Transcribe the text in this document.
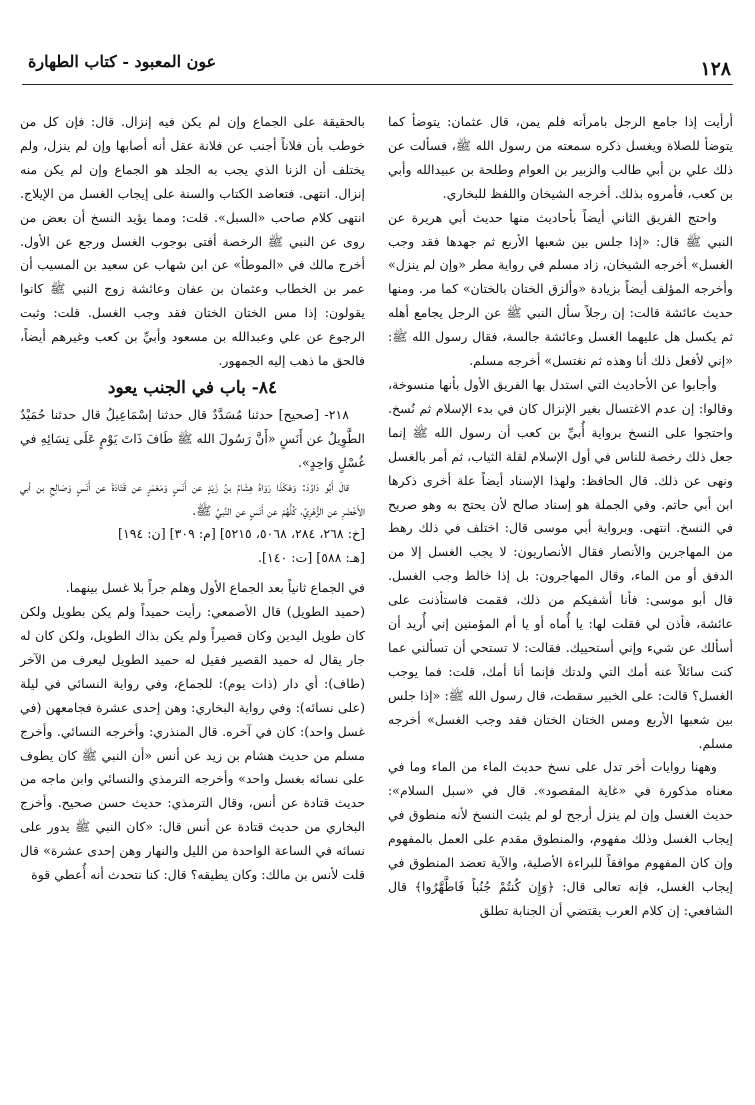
١٢٨
عون المعبود - كتاب الطهارة

أرأيت إذا جامع الرجل بامرأته فلم يمن، قال عثمان: يتوضأ كما يتوضأ للصلاة ويغسل ذكره سمعته من رسول الله ﷺ، فسألت عن ذلك علي بن أبي طالب والزبير بن العوام وطلحة بن عبيدالله وأبي بن كعب، فأمروه بذلك. أخرجه الشيخان واللفظ للبخاري.

واحتج الفريق الثاني أيضاً بأحاديث منها حديث أبي هريرة عن النبي ﷺ قال: «إذا جلس بين شعبها الأربع ثم جهدها فقد وجب الغسل» أخرجه الشيخان، زاد مسلم في رواية مطر «وإن لم ينزل» وأخرجه المؤلف أيضاً بزيادة «وألزق الختان بالختان» كما مر. ومنها حديث عائشة قالت: إن رجلاً سأل النبي ﷺ عن الرجل يجامع أهله ثم يكسل هل عليهما الغسل وعائشة جالسة، فقال رسول الله ﷺ: «إني لأفعل ذلك أنا وهذه ثم نغتسل» أخرجه مسلم.

وأجابوا عن الأحاديث التي استدل بها الفريق الأول بأنها منسوخة، وقالوا: إن عدم الاغتسال بغير الإنزال كان في بدء الإسلام ثم نُسخ. واحتجوا على النسخ برواية أُبيِّ بن كعب أن رسول الله ﷺ إنما جعل ذلك رخصة للناس في أول الإسلام لقلة الثياب، ثم أمر بالغسل ونهى عن ذلك. قال الحافظ: ولهذا الإسناد أيضاً علة أخرى ذكرها ابن أبي حاتم. وفي الجملة هو إسناد صالح لأن يحتج به وهو صريح في النسخ. انتهى. وبرواية أبي موسى قال: اختلف في ذلك رهط من المهاجرين والأنصار فقال الأنصاريون: لا يجب الغسل إلا من الدفق أو من الماء، وقال المهاجرون: بل إذا خالط وجب الغسل. قال أبو موسى: فأنا أشفيكم من ذلك، فقمت فاستأذنت على عائشة، فأذن لي فقلت لها: يا أُماه أو يا أم المؤمنين إني أُريد أن أسألك عن شيء وإني أستحييك. فقالت: لا تستحي أن تسألني عما كنت سائلاً عنه أمك التي ولدتك فإنما أنا أمك، قلت: فما يوجب الغسل؟ قالت: على الخبير سقطت، قال رسول الله ﷺ: «إذا جلس بين شعبها الأربع ومس الختان الختان فقد وجب الغسل» أخرجه مسلم.

وههنا روايات أخر تدل على نسخ حديث الماء من الماء وما في معناه مذكورة في «غاية المقصود». قال في «سبل السلام»: حديث الغسل وإن لم ينزل أرجح لو لم يثبت النسخ لأنه منطوق في إيجاب الغسل وذلك مفهوم، والمنطوق مقدم على العمل بالمفهوم وإن كان المفهوم موافقاً للبراءة الأصلية، والآية تعضد المنطوق في إيجاب الغسل، فإنه تعالى قال: ﴿وَإِن كُنتُمْ جُنُباً فَاطَّهَّرُوا﴾ قال الشافعي: إن كلام العرب يقتضي أن الجنابة تطلق

بالحقيقة على الجماع وإن لم يكن فيه إنزال. قال: فإن كل من خوطب بأن فلاناً أجنب عن فلانة عقل أنه أصابها وإن لم ينزل، ولم يختلف أن الزنا الذي يجب به الجلد هو الجماع وإن لم يكن منه إنزال. انتهى. فتعاضد الكتاب والسنة على إيجاب الغسل من الإيلاج. انتهى كلام صاحب «السبل». قلت: ومما يؤيد النسخ أن بعض من روى عن النبي ﷺ الرخصة أفتى بوجوب الغسل ورجع عن الأول. أخرج مالك في «الموطأ» عن ابن شهاب عن سعيد بن المسيب أن عمر بن الخطاب وعثمان بن عفان وعائشة زوج النبي ﷺ كانوا يقولون: إذا مس الختان الختان فقد وجب الغسل. قلت: وثبت الرجوع عن علي وعبدالله بن مسعود وأبيِّ بن كعب وغيرهم أيضاً، فالحق ما ذهب إليه الجمهور.

٨٤- باب في الجنب يعود

٢١٨- [صحيح] حدثنا مُسَدَّدٌ قال حدثنا إسْمَاعِيلُ قال حدثنا حُمَيْدٌ الطَّوِيلُ عن أَنَسٍ «أَنَّ رَسُولَ الله ﷺ طَافَ ذَاتَ يَوْمٍ عَلَى نِسَائِهِ في غُسْلٍ وَاحِدٍ».

قالَ أَبُو دَاوُدَ: وَهَكَذَا رَوَاهُ هِشَامُ بنُ زَيْدٍ عن أَنَسٍ وَمَعْمَرٍ عن قَتَادَةَ عن أَنَسٍ وَصَالِحِ بن أبي الأَخْضَرِ عن الزُّهْرِيِّ، كُلُّهُمْ عن أَنَسٍ عن النَّبيِّ ﷺ.

[خ: ٢٦٨، ٢٨٤، ٥٠٦٨، ٥٢١٥] [م: ٣٠٩] [ن: ١٩٤]

[هـ: ٥٨٨] [ت: ١٤٠].

في الجماع ثانياً بعد الجماع الأول وهلم جراً بلا غسل بينهما.

(حميد الطويل) قال الأصمعي: رأيت حميداً ولم يكن بطويل ولكن كان طويل اليدين وكان قصيراً ولم يكن بذاك الطويل، ولكن كان له جار يقال له حميد القصير فقيل له حميد الطويل ليعرف من الآخر (طاف): أي دار (ذات يوم): للجماع، وفي رواية النسائي في ليلة (على نسائه): وفي رواية البخاري: وهن إحدى عشرة فجامعهن (في غسل واحد): كان في آخره. قال المنذري: وأخرجه النسائي. وأخرج مسلم من حديث هشام بن زيد عن أنس «أن النبي ﷺ كان يطوف على نسائه بغسل واحد» وأخرجه الترمذي والنسائي وابن ماجه من حديث قتادة عن أنس، وقال الترمذي: حديث حسن صحيح. وأخرج البخاري من حديث قتادة عن أنس قال: «كان النبي ﷺ يدور على نسائه في الساعة الواحدة من الليل والنهار وهن إحدى عشرة» قال قلت لأنس بن مالك: وكان يطيقه؟ قال: كنا نتحدث أنه أُعطي قوة
